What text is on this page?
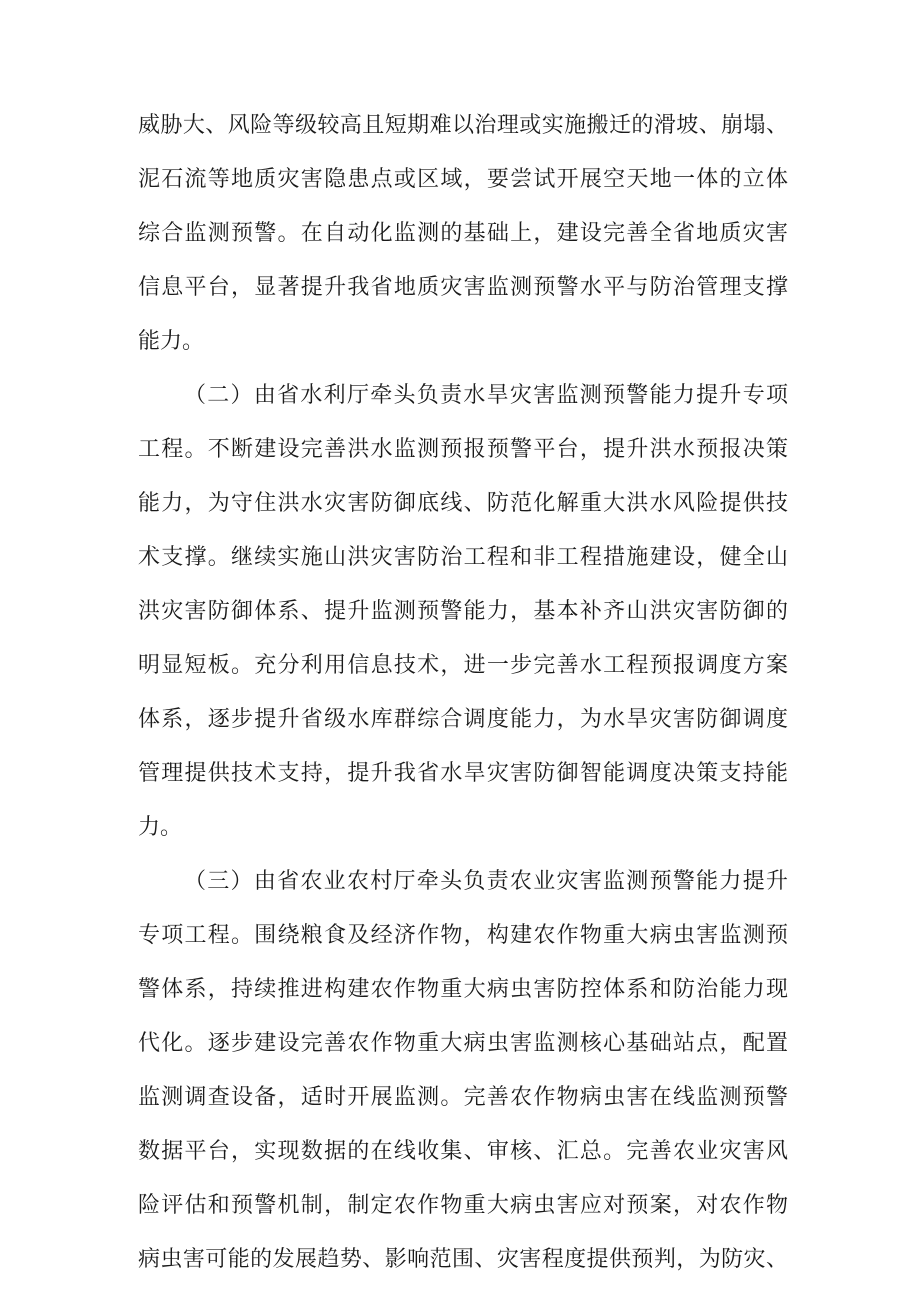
威胁大、风险等级较高且短期难以治理或实施搬迁的滑坡、崩塌、
泥石流等地质灾害隐患点或区域，要尝试开展空天地一体的立体
综合监测预警。在自动化监测的基础上，建设完善全省地质灾害
信息平台，显著提升我省地质灾害监测预警水平与防治管理支撑
能力。
（二）由省水利厅牵头负责水旱灾害监测预警能力提升专项
工程。不断建设完善洪水监测预报预警平台，提升洪水预报决策
能力，为守住洪水灾害防御底线、防范化解重大洪水风险提供技
术支撑。继续实施山洪灾害防治工程和非工程措施建设，健全山
洪灾害防御体系、提升监测预警能力，基本补齐山洪灾害防御的
明显短板。充分利用信息技术，进一步完善水工程预报调度方案
体系，逐步提升省级水库群综合调度能力，为水旱灾害防御调度
管理提供技术支持，提升我省水旱灾害防御智能调度决策支持能
力。
（三）由省农业农村厅牵头负责农业灾害监测预警能力提升
专项工程。围绕粮食及经济作物，构建农作物重大病虫害监测预
警体系，持续推进构建农作物重大病虫害防控体系和防治能力现
代化。逐步建设完善农作物重大病虫害监测核心基础站点，配置
监测调查设备，适时开展监测。完善农作物病虫害在线监测预警
数据平台，实现数据的在线收集、审核、汇总。完善农业灾害风
险评估和预警机制，制定农作物重大病虫害应对预案，对农作物
病虫害可能的发展趋势、影响范围、灾害程度提供预判，为防灾、
